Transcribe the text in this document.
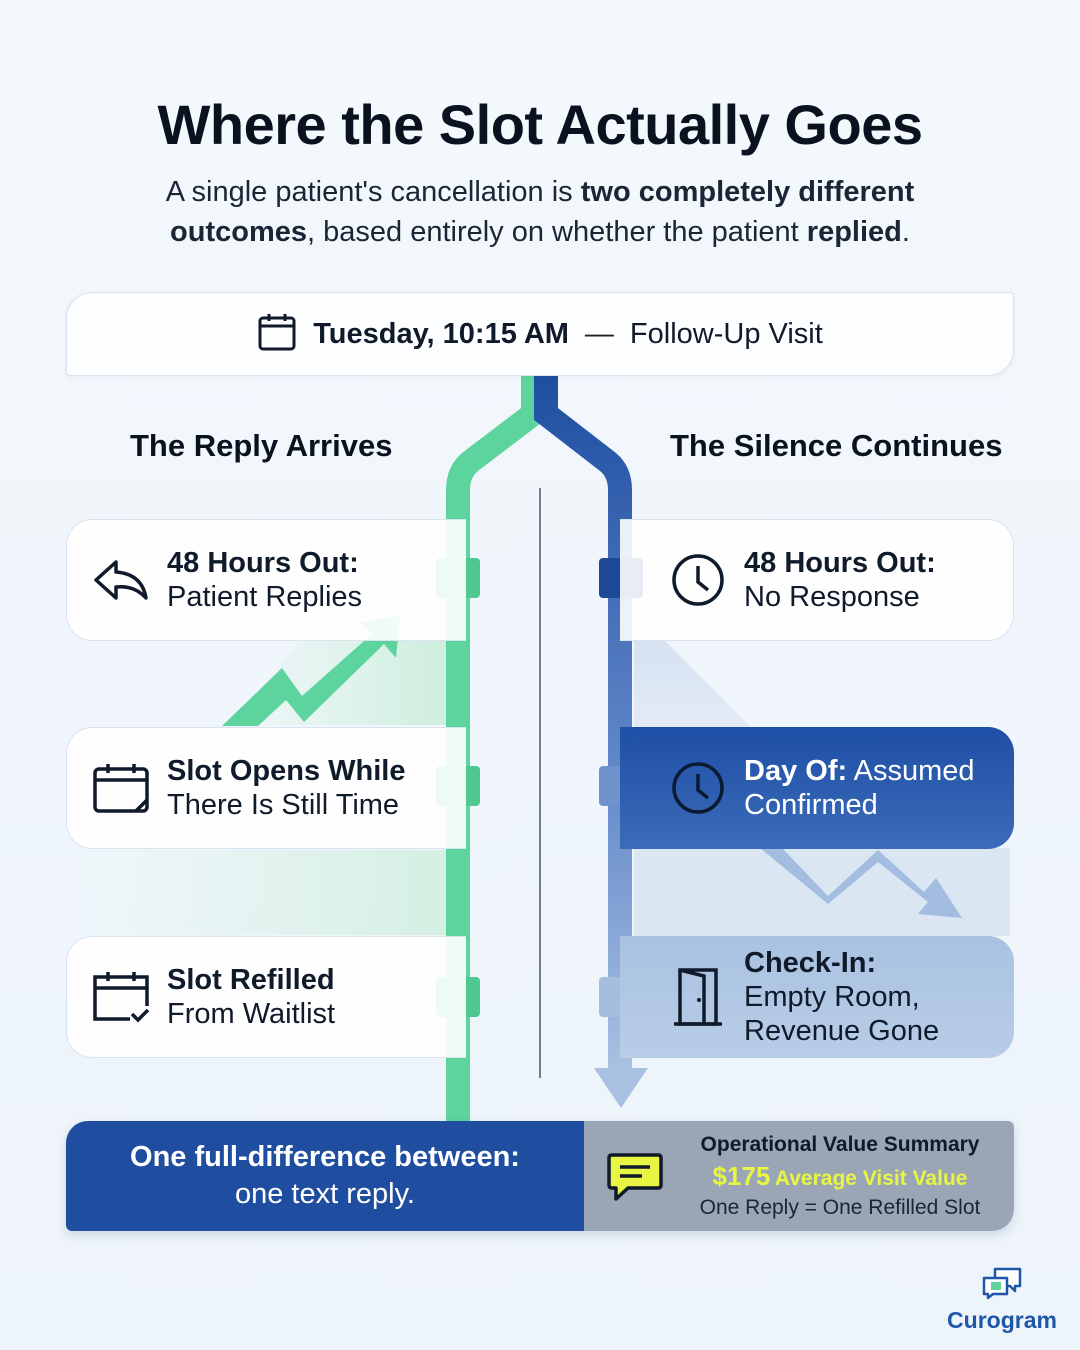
Where the Slot Actually Goes
A single patient's cancellation is two completely different outcomes, based entirely on whether the patient replied.
Tuesday, 10:15 AM — Follow-Up Visit
The Reply Arrives	The Silence Continues
48 Hours Out:
Patient Replies
Slot Opens While
There Is Still Time
Slot Refilled
From Waitlist
48 Hours Out:
No Response
Day Of: Assumed
Confirmed
Check-In:
Empty Room,
Revenue Gone
One full-difference between:
one text reply.
Operational Value Summary
$175 Average Visit Value
One Reply = One Refilled Slot
Curogram
